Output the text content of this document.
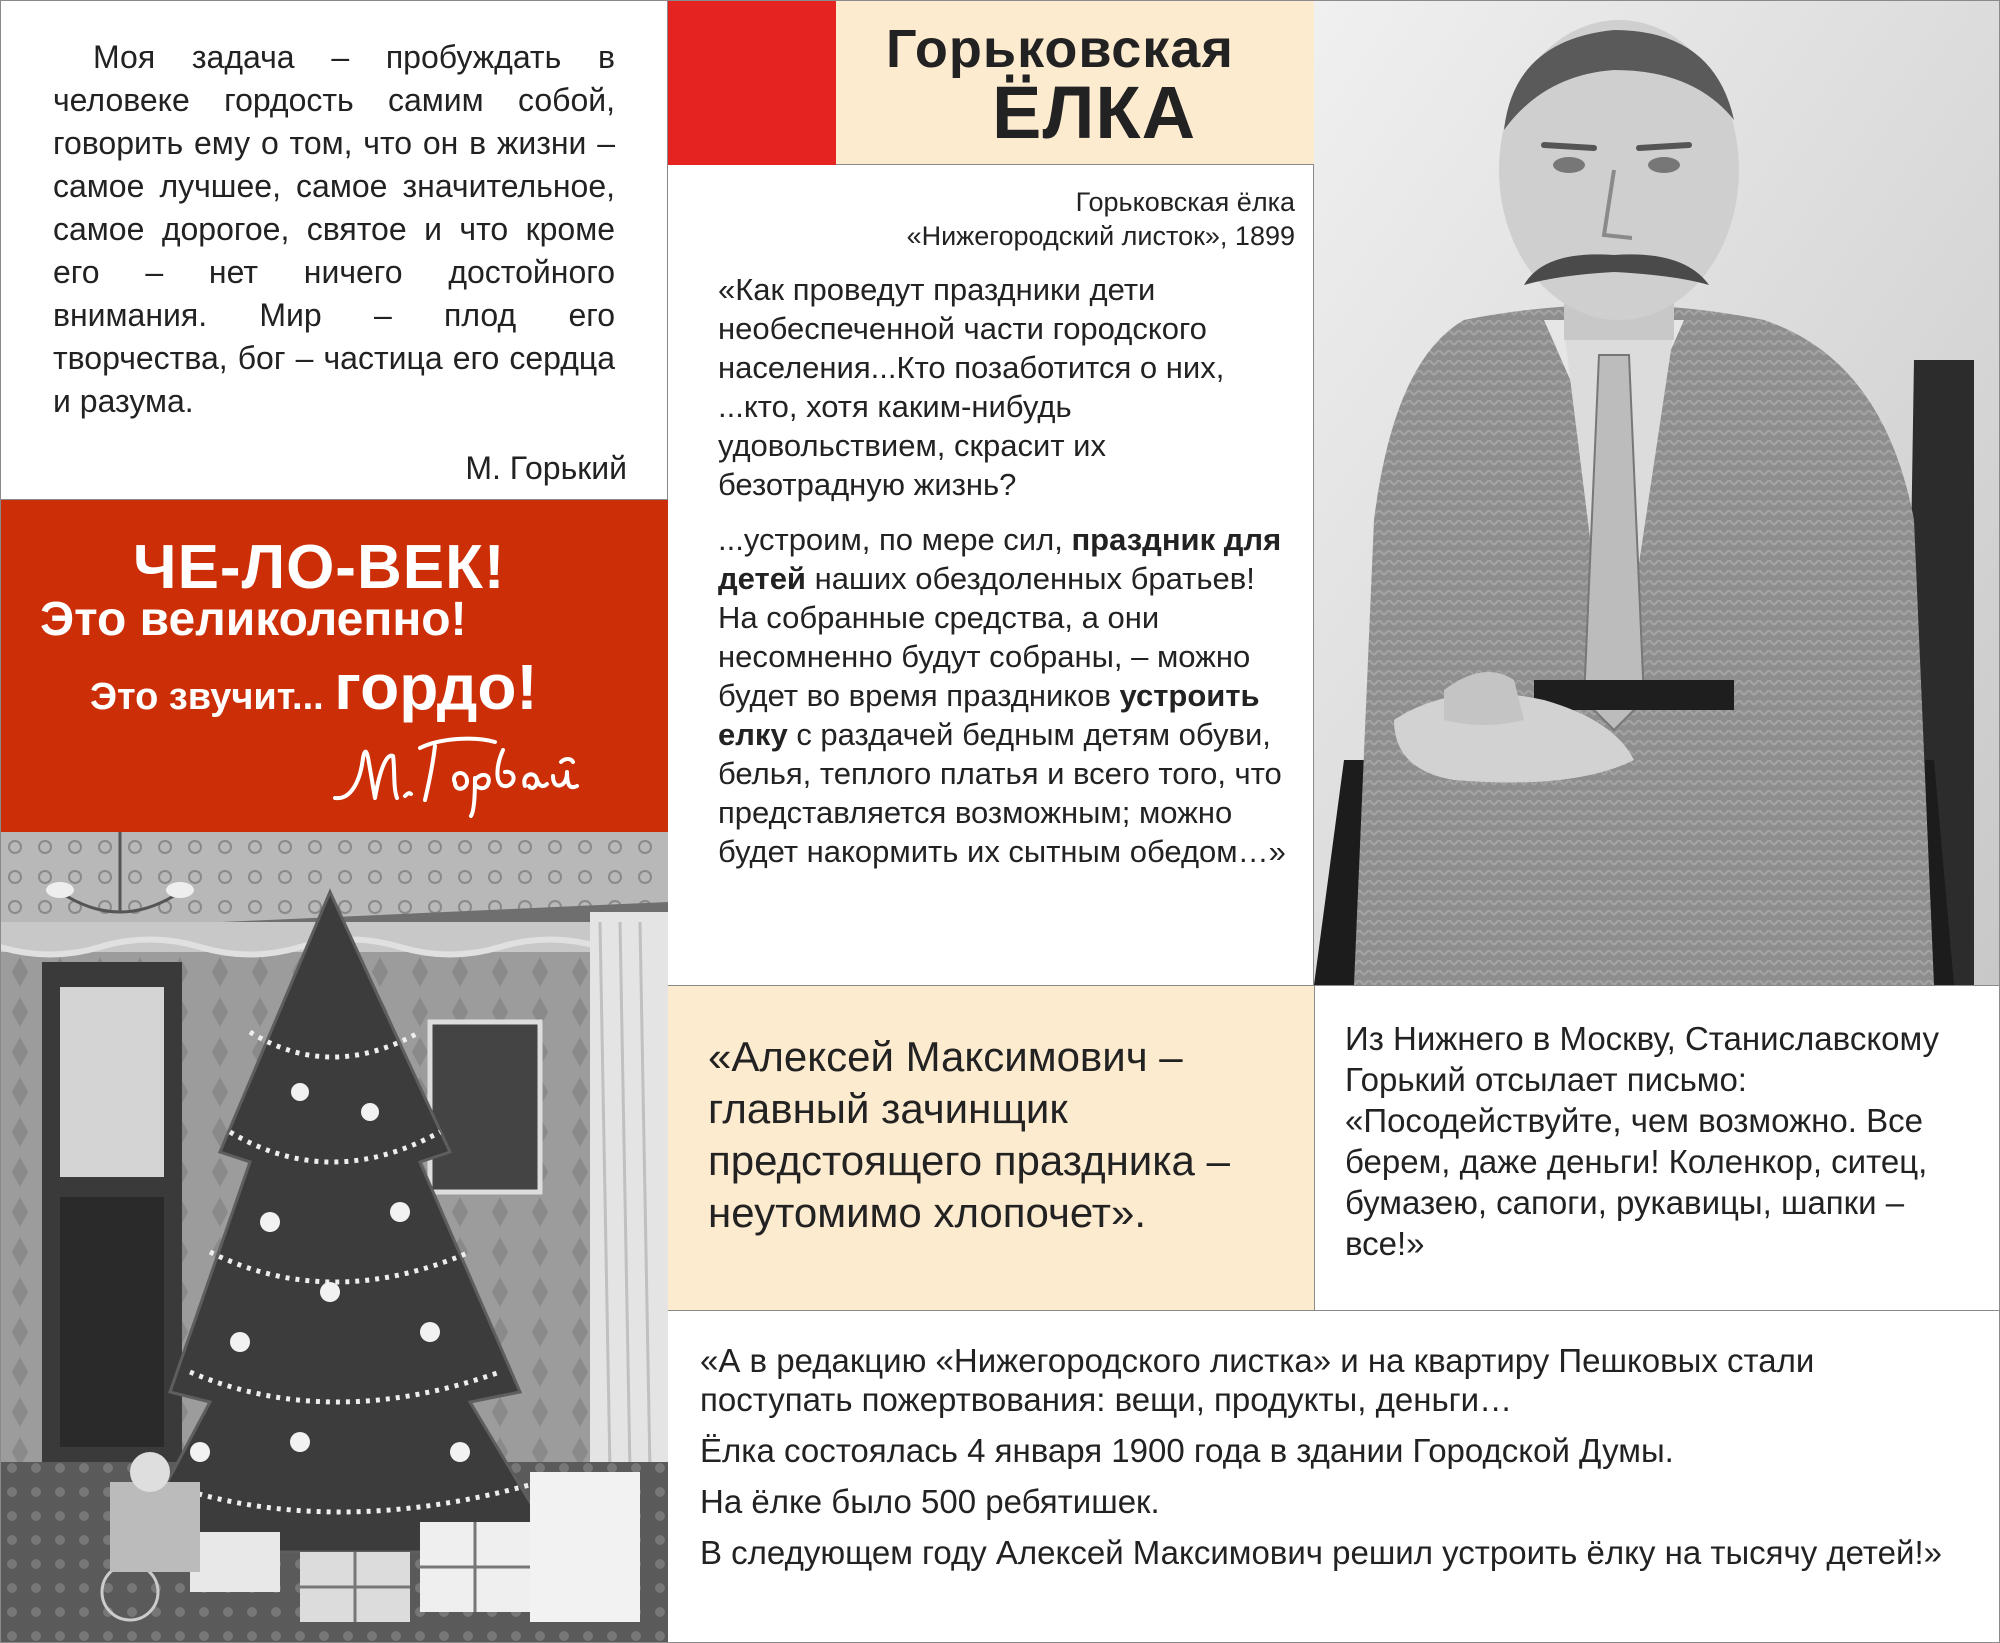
Моя задача – пробуждать в человеке гордость самим собой, говорить ему о том, что он в жизни – самое лучшее, самое значительное, самое дорогое, святое и что кроме его – нет ничего достойного внимания. Мир – плод его творчества, бог – частица его сердца и разума.

М. Горький
ЧЕ-ЛО-ВЕК!
Это великолепно!
Это звучит... гордо!
Горьковская
ЁЛКА
Горьковская ёлка
«Нижегородский листок», 1899

«Как проведут праздники дети необеспеченной части городского населения...Кто позаботится о них, ...кто, хотя каким-нибудь удовольствием, скрасит их безотрадную жизнь?

...устроим, по мере сил, праздник для детей наших обездоленных братьев! На собранные средства, а они несомненно будут собраны, – можно будет во время праздников устроить елку с раздачей бедным детям обуви, белья, теплого платья и всего того, что представляется возможным; можно будет накормить их сытным обедом…»

«Алексей Максимович – главный зачинщик предстоящего праздника – неутомимо хлопочет».
Из Нижнего в Москву, Станиславскому Горький отсылает письмо: «Посодействуйте, чем возможно. Все берем, даже деньги! Коленкор, ситец, бумазею, сапоги, рукавицы, шапки – все!»

«А в редакцию «Нижегородского листка» и на квартиру Пешковых стали поступать пожертвования: вещи, продукты, деньги…

Ёлка состоялась 4 января 1900 года в здании Городской Думы.

На ёлке было 500 ребятишек.

В следующем году Алексей Максимович решил устроить ёлку на тысячу детей!»
